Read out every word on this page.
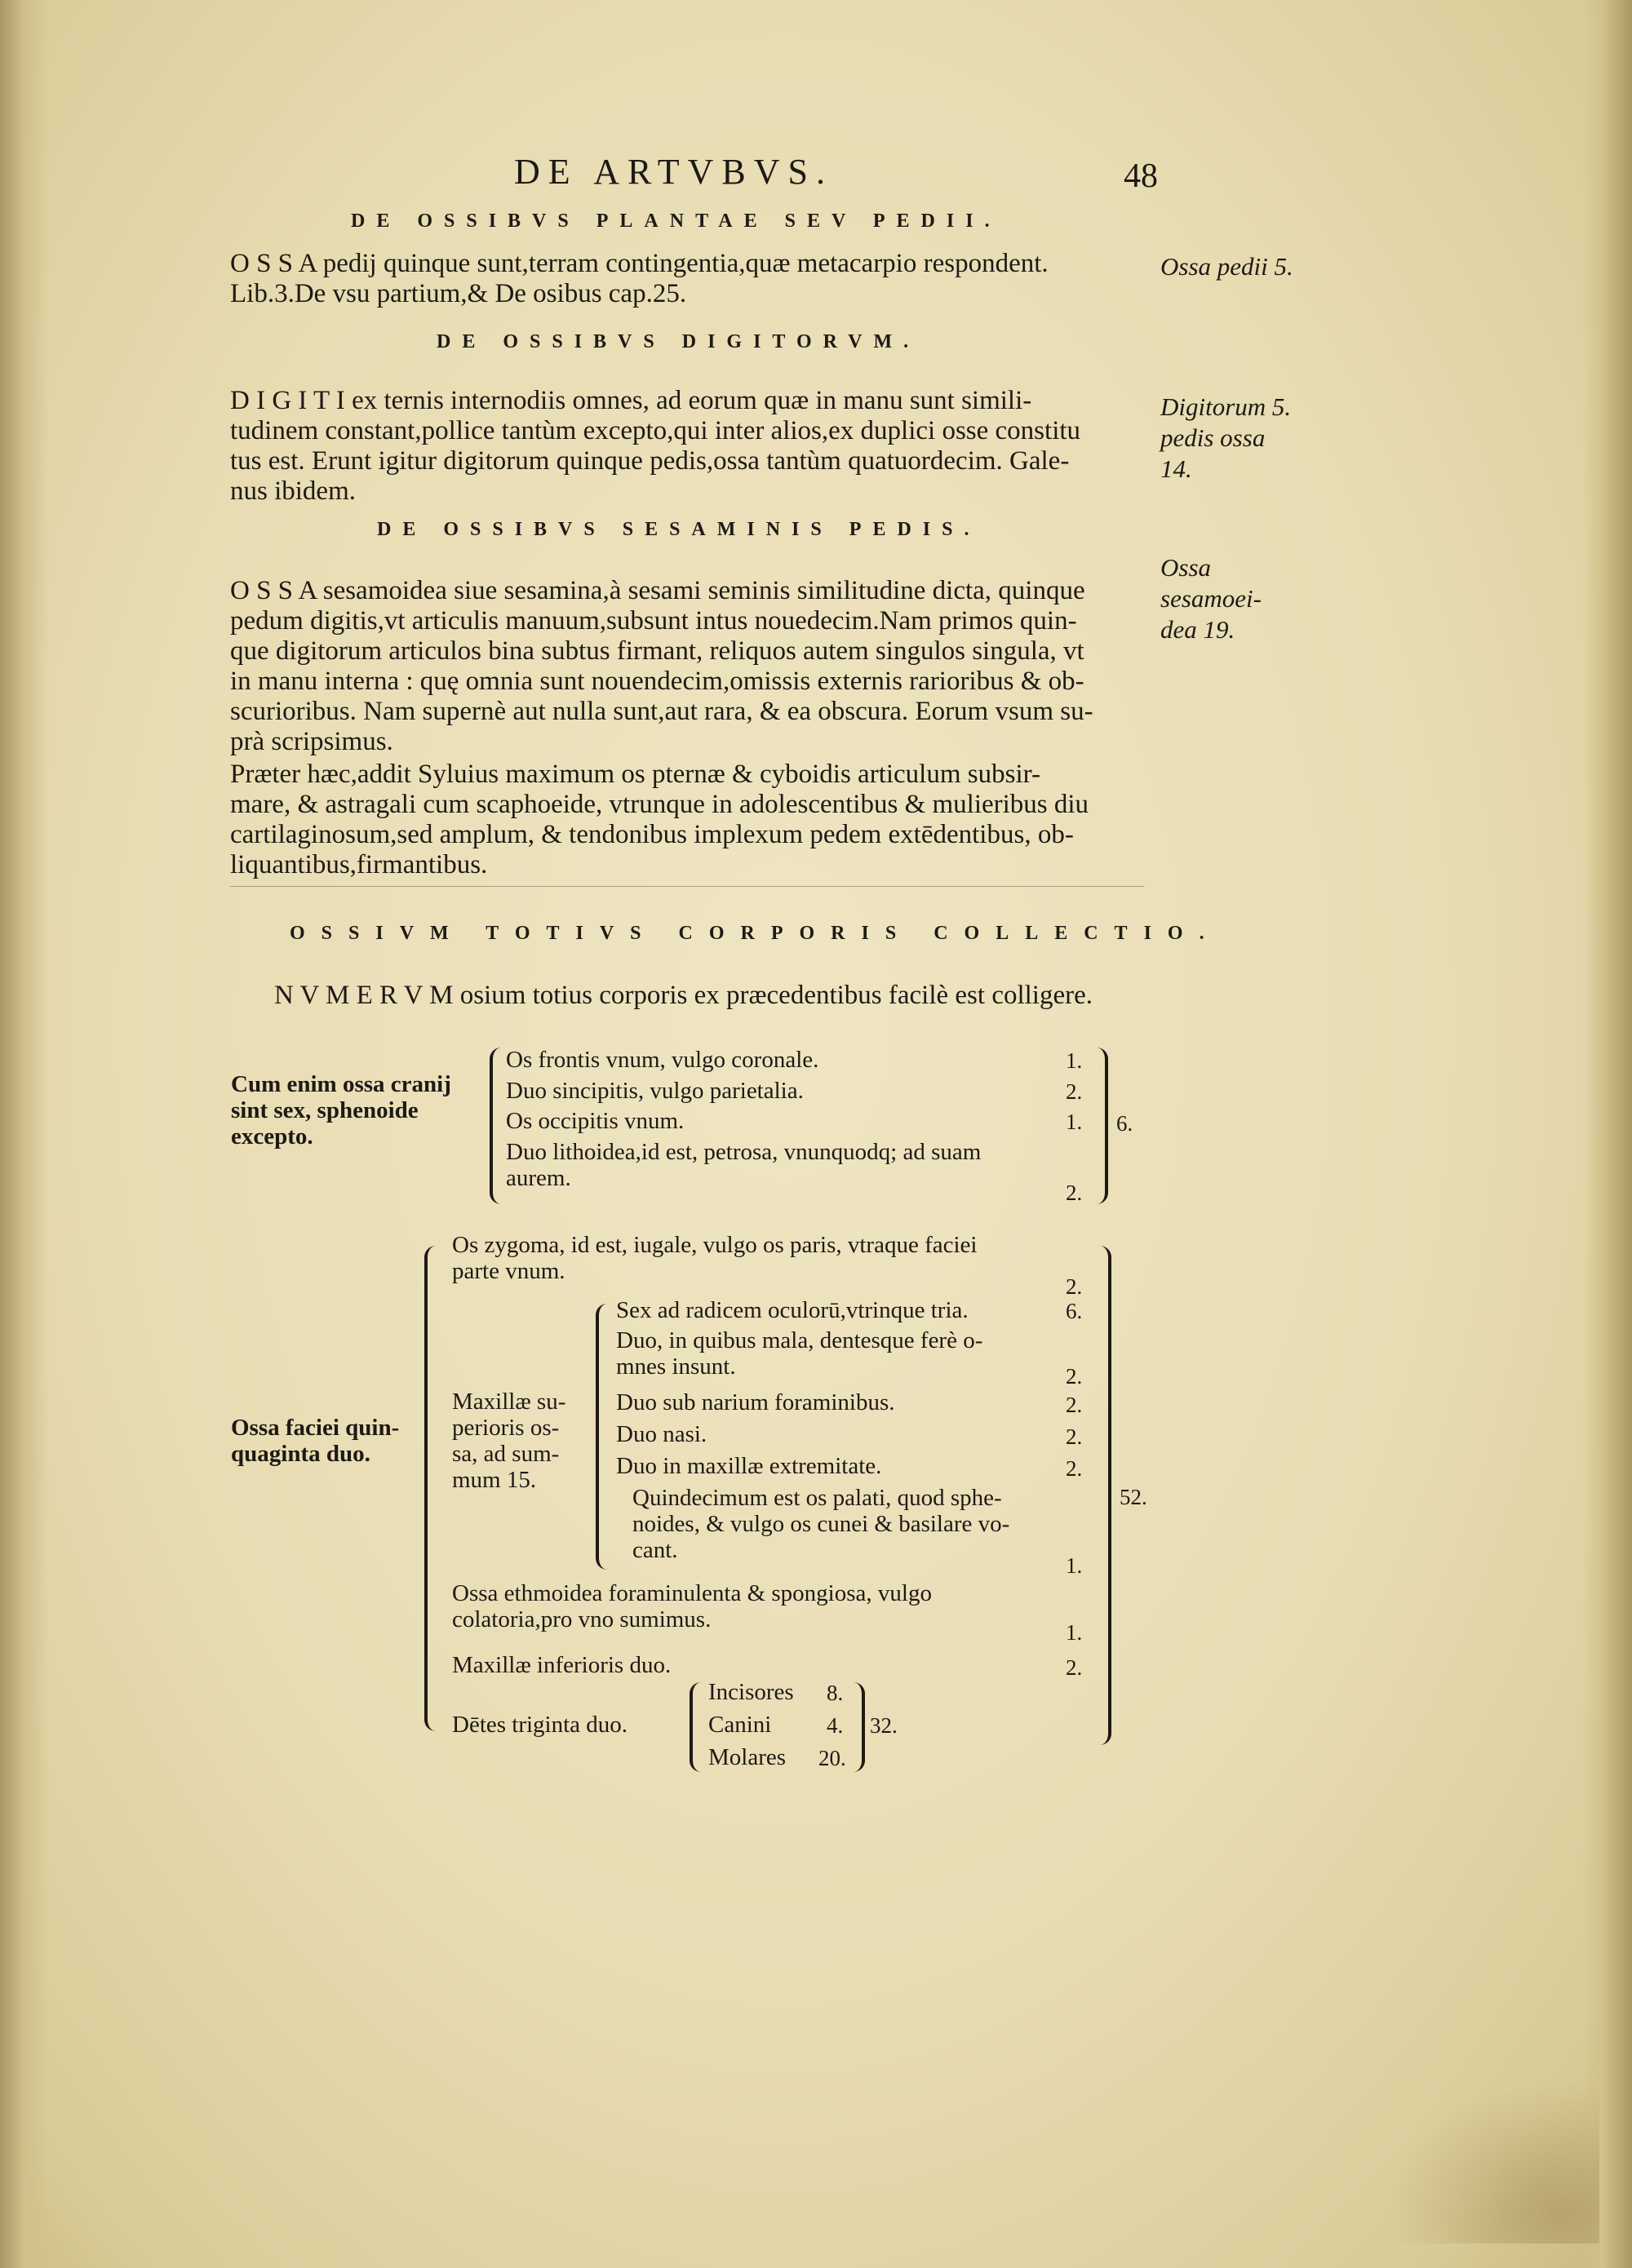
DE ARTVBVS.	48
DE OSSIBVS PLANTAE SEV PEDII.
O S S A pedij quinque sunt,terram contingentia,quæ metacarpio respondent.
Lib.3.De vsu partium,& De osibus cap.25.
Ossa pedii 5.
DE OSSIBVS DIGITORVM.
D I G I T I ex ternis internodiis omnes, ad eorum quæ in manu sunt simili-
tudinem constant,pollice tantùm excepto,qui inter alios,ex duplici osse constitu
tus est. Erunt igitur digitorum quinque pedis,ossa tantùm quatuordecim. Gale-
nus ibidem.
Digitorum 5.
pedis ossa 14.
DE OSSIBVS SESAMINIS PEDIS.
O S S A sesamoidea siue sesamina,à sesami seminis similitudine dicta, quinque
pedum digitis,vt articulis manuum,subsunt intus nouedecim.Nam primos quin-
que digitorum articulos bina subtus firmant, reliquos autem singulos singula, vt
in manu interna : quę omnia sunt nouendecim,omissis externis rarioribus & ob-
scurioribus. Nam supernè aut nulla sunt,aut rara, & ea obscura. Eorum vsum su-
prà scripsimus.
Præter hæc,addit Syluius maximum os pternæ & cyboidis articulum subsir-
mare, & astragali cum scaphoeide, vtrunque in adolescentibus & mulieribus diu
cartilaginosum,sed amplum, & tendonibus implexum pedem extēdentibus, ob-
liquantibus,firmantibus.
Ossa sesamoei-
dea 19.
OSSIVM TOTIVS CORPORIS COLLECTIO.
N V M E R V M osium totius corporis ex præcedentibus facilè est colligere.
Cum enim ossa cranij
sint sex, sphenoide
excepto.
Os frontis vnum, vulgo coronale.	1.
Duo sincipitis, vulgo parietalia.	2.
Os occipitis vnum.	1.
Duo lithoidea,id est, petrosa, vnunquodq; ad suam
aurem.
2.
6.
Ossa faciei quin-
quaginta duo.
Os zygoma, id est, iugale, vulgo os paris, vtraque faciei
parte vnum.
2.
Maxillæ su-
perioris os-
sa, ad sum-
mum 15.
Sex ad radicem oculorū,vtrinque tria.	6.
Duo, in quibus mala, dentesque ferè o-
mnes insunt.	2.
Duo sub narium foraminibus.	2.
Duo nasi.	2.
Duo in maxillæ extremitate.	2.
Quindecimum est os palati, quod sphe-
noides, & vulgo os cunei & basilare vo-
cant.
1.
Ossa ethmoidea foraminulenta & spongiosa, vulgo
colatoria,pro vno sumimus.	1.
Maxillæ inferioris duo.	2.
Dētes triginta duo.
Incisores 8.
Canini	4.
Molares 20.
32.
52.
